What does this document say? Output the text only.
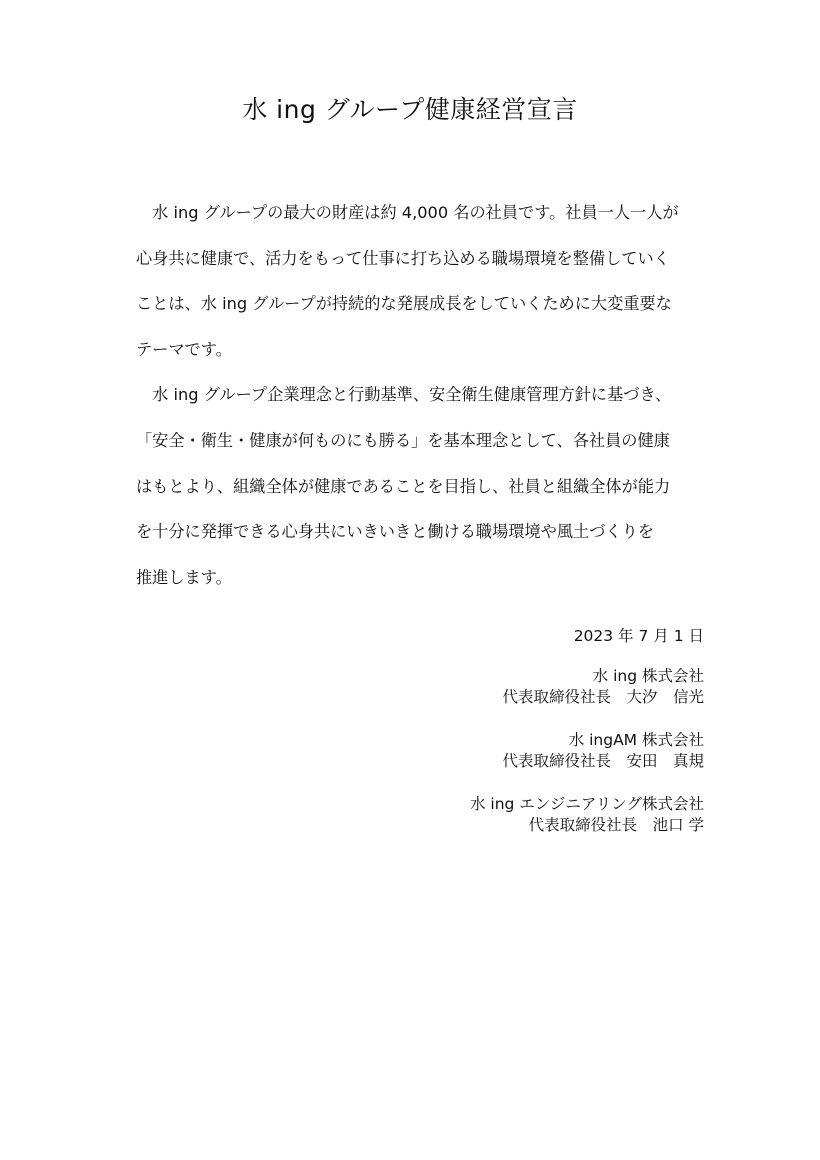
水 ing グループ健康経営宣言
　水 ing グループの最大の財産は約 4,000 名の社員です。社員一人一人が
心身共に健康で、活力をもって仕事に打ち込める職場環境を整備していく
ことは、水 ing グループが持続的な発展成長をしていくために大変重要な
テーマです。
　水 ing グループ企業理念と行動基準、安全衛生健康管理方針に基づき、
「安全・衛生・健康が何ものにも勝る」を基本理念として、各社員の健康
はもとより、組織全体が健康であることを目指し、社員と組織全体が能力
を十分に発揮できる心身共にいきいきと働ける職場環境や風土づくりを
推進します。
2023 年 7 月 1 日
水 ing 株式会社
代表取締役社長　大汐　信光
水 ingAM 株式会社
代表取締役社長　安田　真規
水 ing エンジニアリング株式会社
代表取締役社長　池口 学
